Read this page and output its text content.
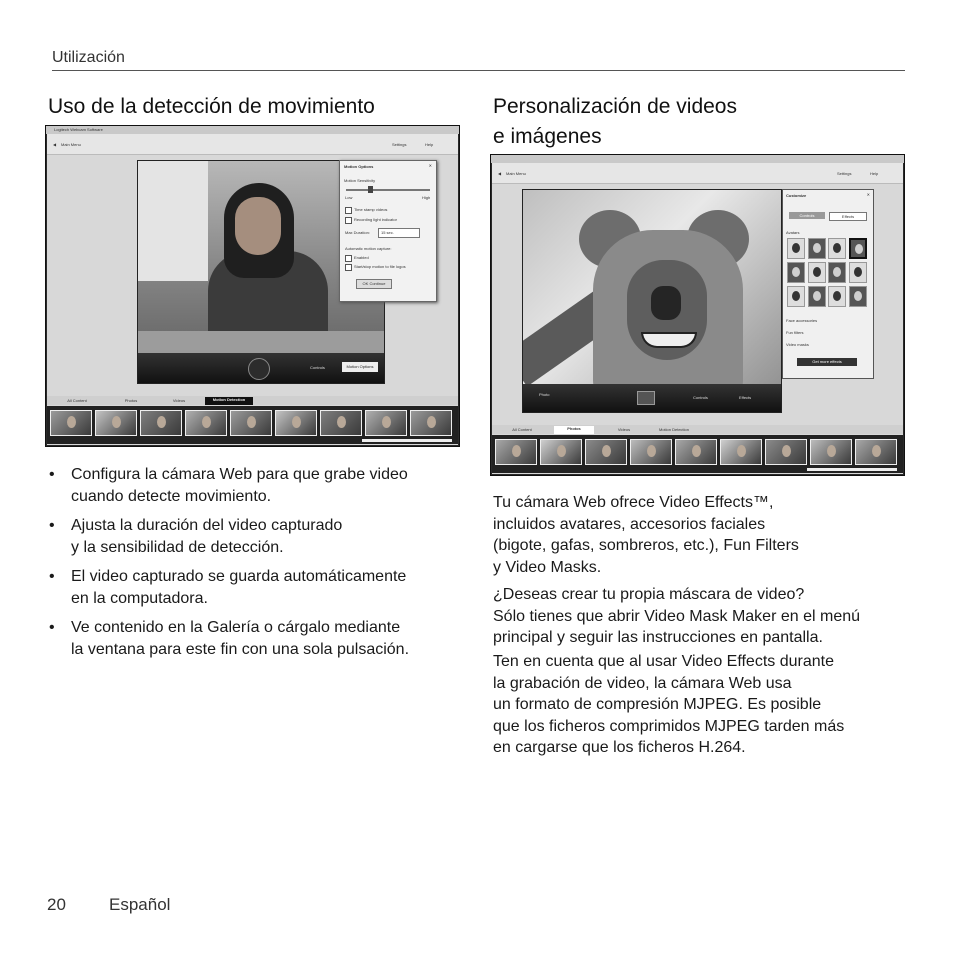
Utilización
Uso de la detección de movimiento	Personalización de videos
e imágenes
Logitech Webcam Software
◀ Main Menu	Settings	Help
Controls	Motion Options
Motion Options	✕
Motion Sensitivity
Low	High
Time stamp videos
Recording light indicator
Max Duration:	15 sec.
Automatic motion capture:
Enabled
Start/stop motion to file logos
OK Continue
All Content	Photos	Videos	Motion Detection
◀ Main Menu	Settings	Help
Photo
Controls	Effects
Customize	✕
Controls	Effects
Avatars
Face accessories
Fun filters
Video masks
Get more effects
All Content	Photos	Videos	Motion Detection
• Configura la cámara Web para que grabe video
cuando detecte movimiento.
• Ajusta la duración del video capturado
y la sensibilidad de detección.
• El video capturado se guarda automáticamente
en la computadora.
• Ve contenido en la Galería o cárgalo mediante
la ventana para este fin con una sola pulsación.

Tu cámara Web ofrece Video Effects™,
incluidos avatares, accesorios faciales
(bigote, gafas, sombreros, etc.), Fun Filters
y Video Masks.

¿Deseas crear tu propia máscara de video?
Sólo tienes que abrir Video Mask Maker en el menú
principal y seguir las instrucciones en pantalla.

Ten en cuenta que al usar Video Effects durante
la grabación de video, la cámara Web usa
un formato de compresión MJPEG. Es posible
que los ficheros comprimidos MJPEG tarden más
en cargarse que los ficheros H.264.

20	Español
